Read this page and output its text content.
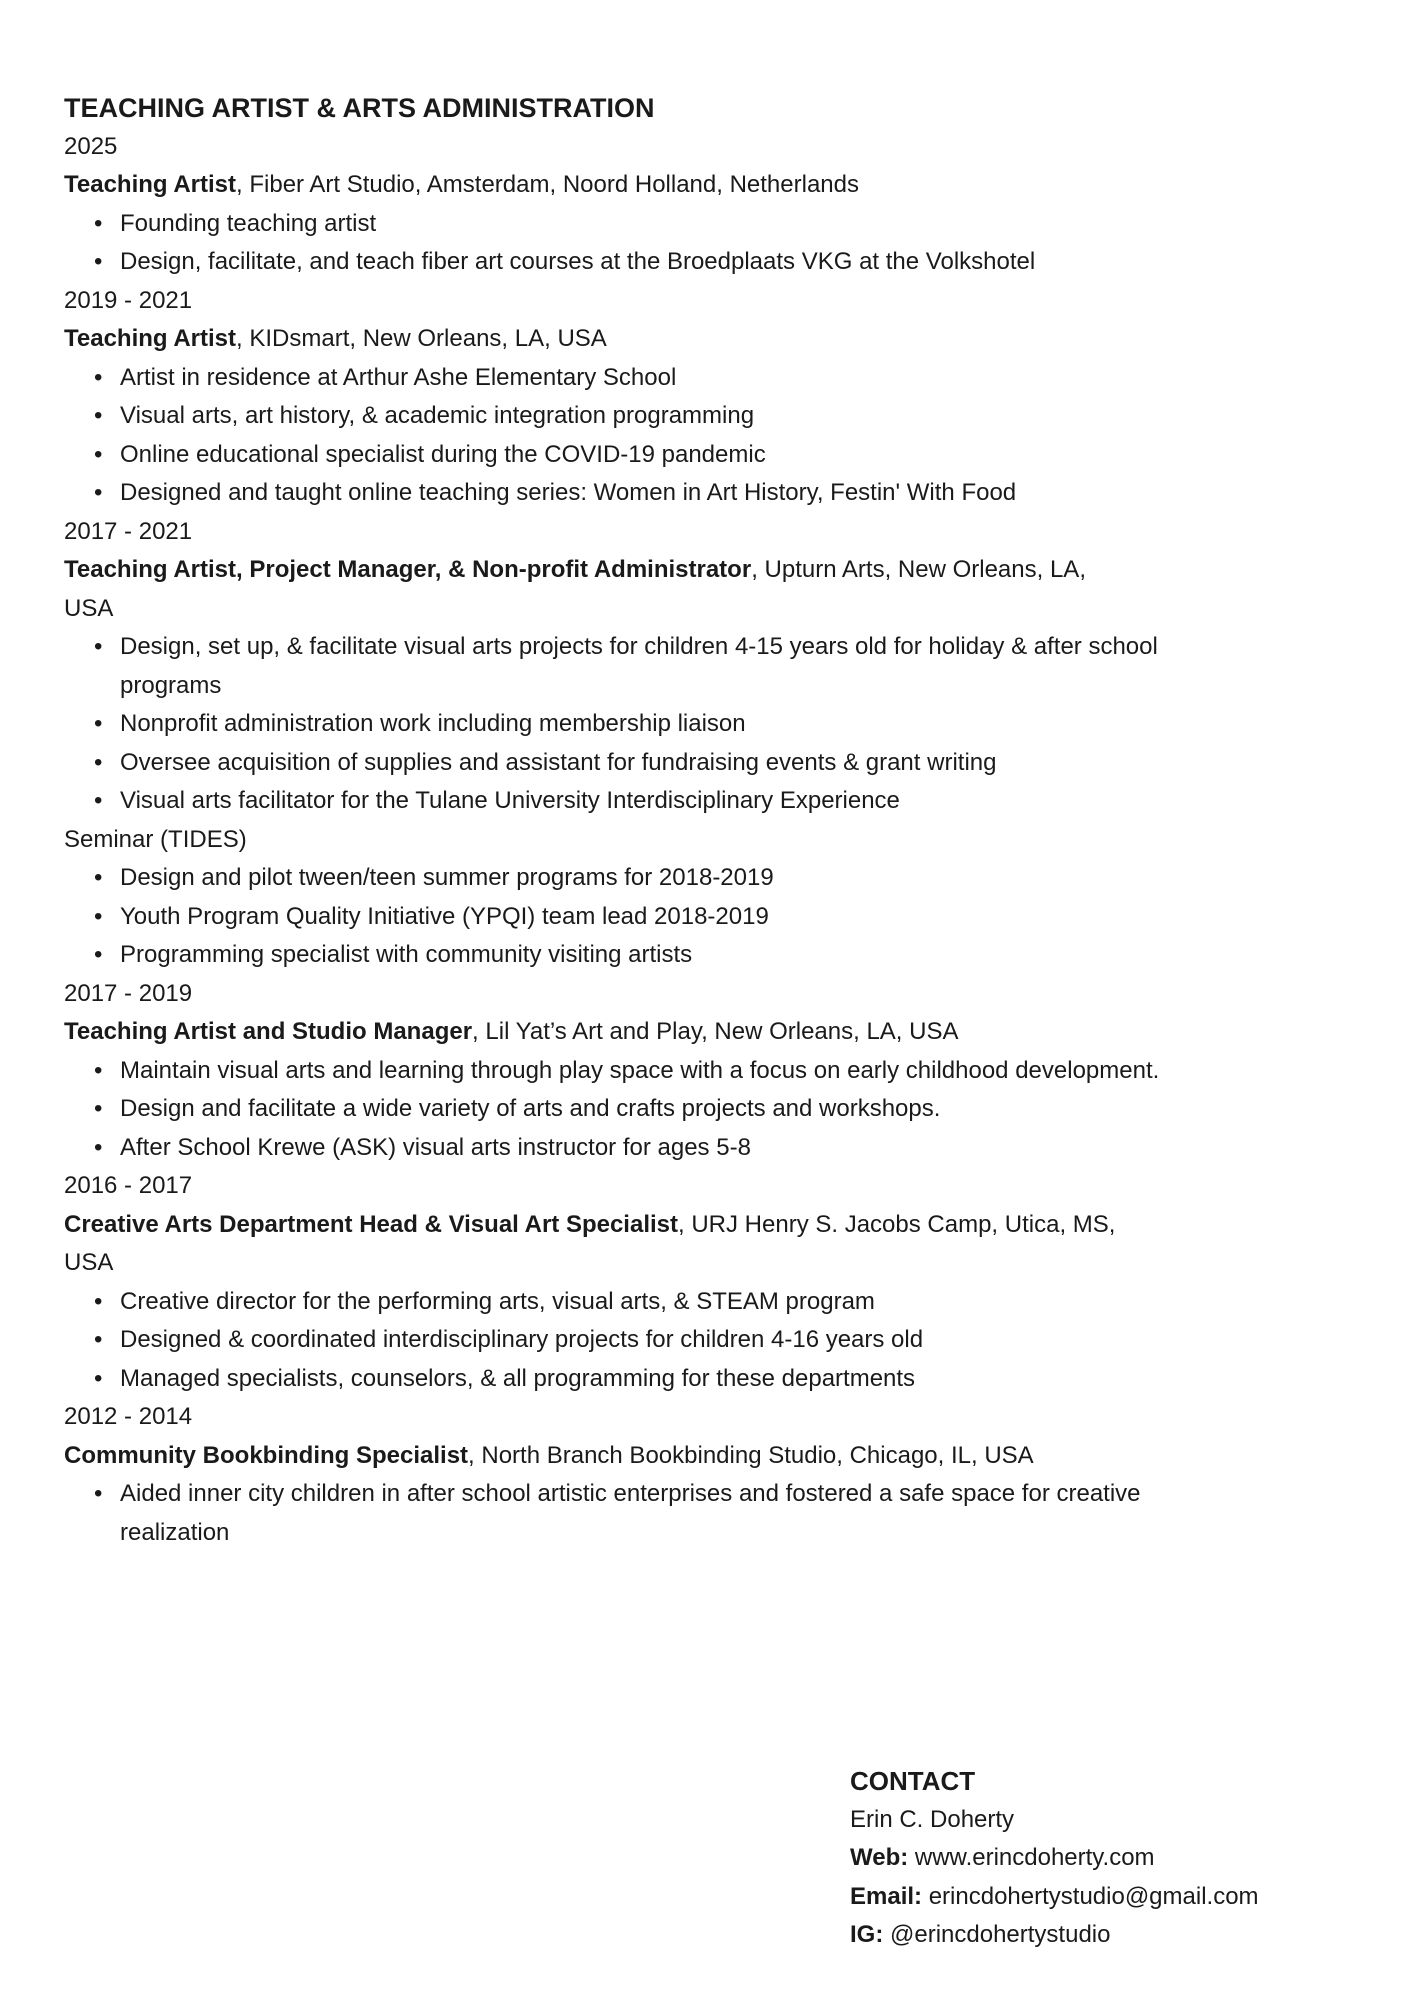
TEACHING ARTIST & ARTS ADMINISTRATION

2025

Teaching Artist, Fiber Art Studio, Amsterdam, Noord Holland, Netherlands

• Founding teaching artist
• Design, facilitate, and teach fiber art courses at the Broedplaats VKG at the Volkshotel

2019 - 2021

Teaching Artist, KIDsmart, New Orleans, LA, USA

• Artist in residence at Arthur Ashe Elementary School
• Visual arts, art history, & academic integration programming
• Online educational specialist during the COVID-19 pandemic
• Designed and taught online teaching series: Women in Art History, Festin' With Food

2017 - 2021

Teaching Artist, Project Manager, & Non-profit Administrator, Upturn Arts, New Orleans, LA,

USA

• Design, set up, & facilitate visual arts projects for children 4-15 years old for holiday & after school programs
• Nonprofit administration work including membership liaison
• Oversee acquisition of supplies and assistant for fundraising events & grant writing
• Visual arts facilitator for the Tulane University Interdisciplinary Experience

Seminar (TIDES)

• Design and pilot tween/teen summer programs for 2018-2019
• Youth Program Quality Initiative (YPQI) team lead 2018-2019
• Programming specialist with community visiting artists

2017 - 2019

Teaching Artist and Studio Manager, Lil Yat’s Art and Play, New Orleans, LA, USA

• Maintain visual arts and learning through play space with a focus on early childhood development.
• Design and facilitate a wide variety of arts and crafts projects and workshops.
• After School Krewe (ASK) visual arts instructor for ages 5-8

2016 - 2017

Creative Arts Department Head & Visual Art Specialist, URJ Henry S. Jacobs Camp, Utica, MS,

USA

• Creative director for the performing arts, visual arts, & STEAM program
• Designed & coordinated interdisciplinary projects for children 4-16 years old
• Managed specialists, counselors, & all programming for these departments

2012 - 2014

Community Bookbinding Specialist, North Branch Bookbinding Studio, Chicago, IL, USA

• Aided inner city children in after school artistic enterprises and fostered a safe space for creative realization
CONTACT
Erin C. Doherty
Web: www.erincdoherty.com
Email: erincdohertystudio@gmail.com
IG: @erincdohertystudio
